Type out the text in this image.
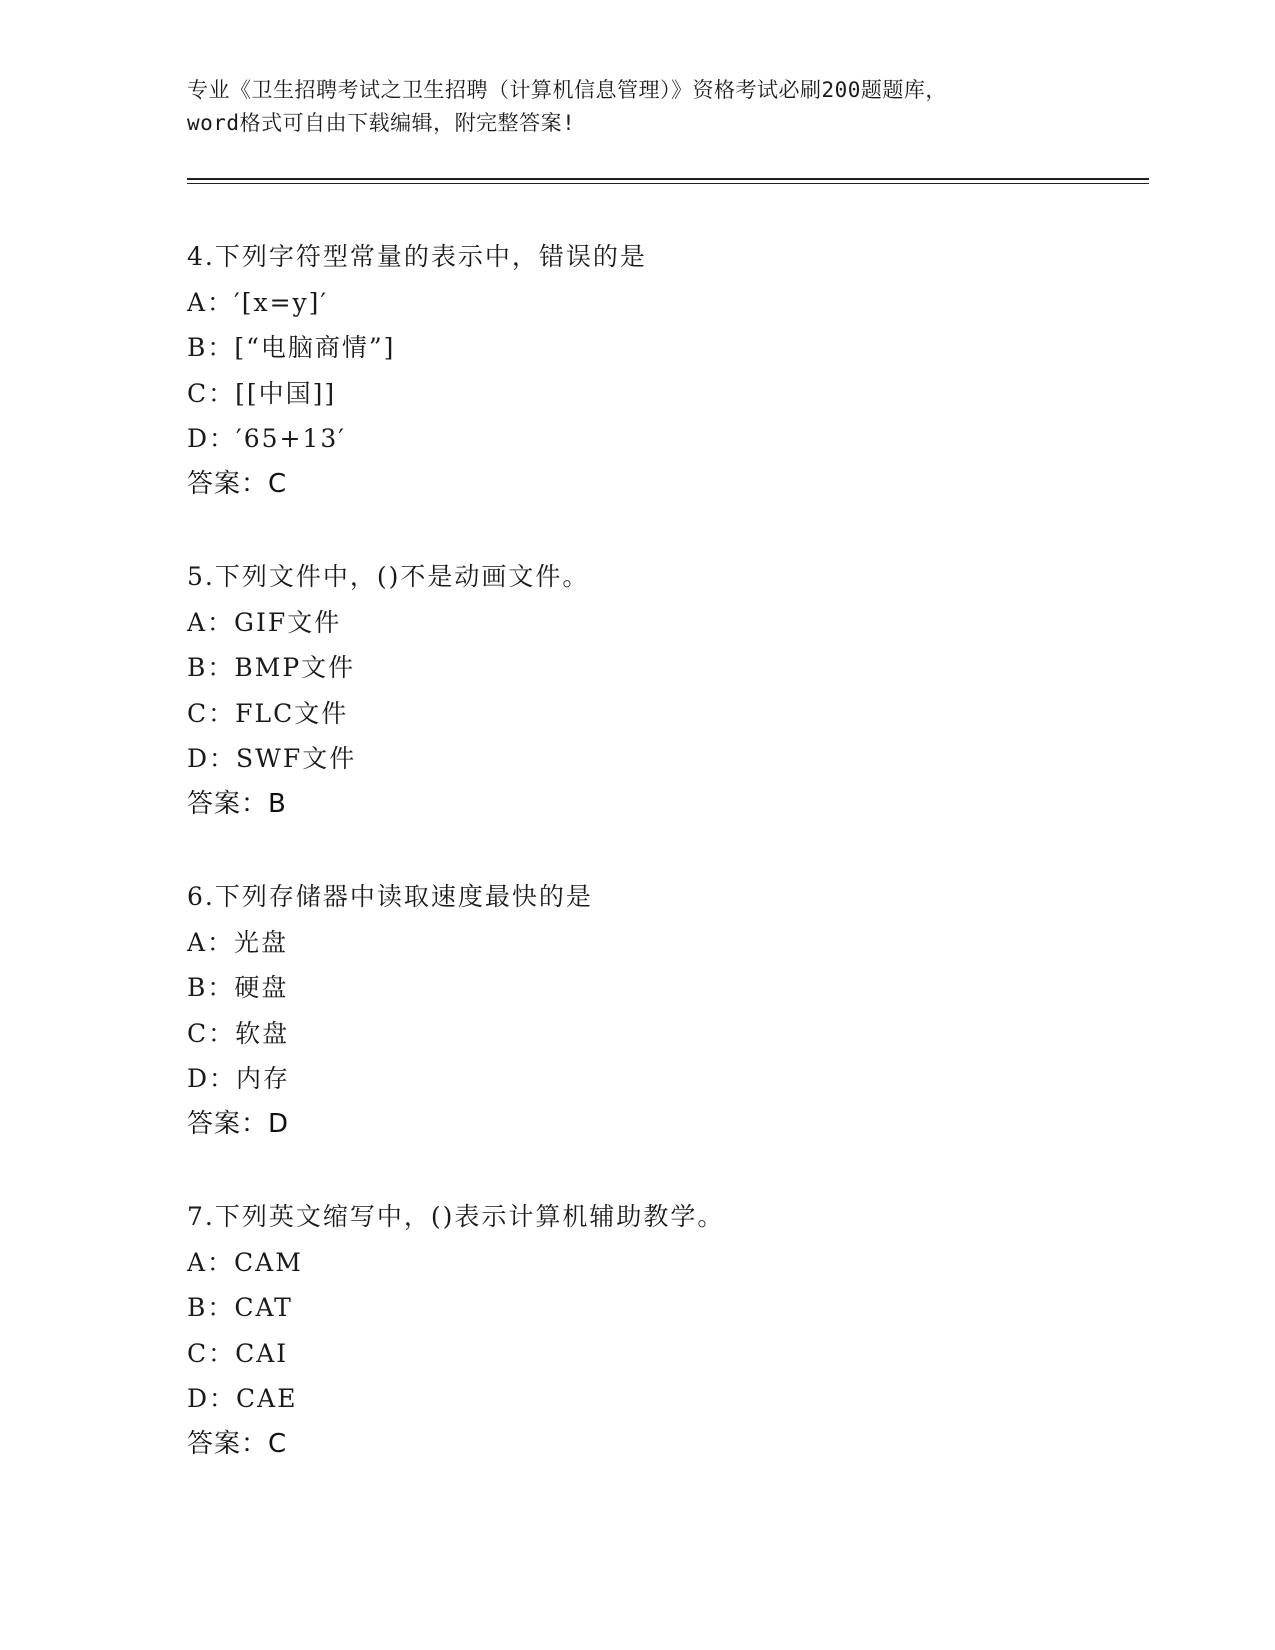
专业《卫生招聘考试之卫生招聘（计算机信息管理）》资格考试必刷200题题库，
word格式可自由下载编辑，附完整答案!
4.下列字符型常量的表示中，错误的是
A：′[x=y]′
B：[“电脑商情”]
C：[[中国]]
D：′65+13′
答案：C
5.下列文件中，()不是动画文件。
A：GIF文件
B：BMP文件
C：FLC文件
D：SWF文件
答案：B
6.下列存储器中读取速度最快的是
A：光盘
B：硬盘
C：软盘
D：内存
答案：D
7.下列英文缩写中，()表示计算机辅助教学。
A：CAM
B：CAT
C：CAI
D：CAE
答案：C
